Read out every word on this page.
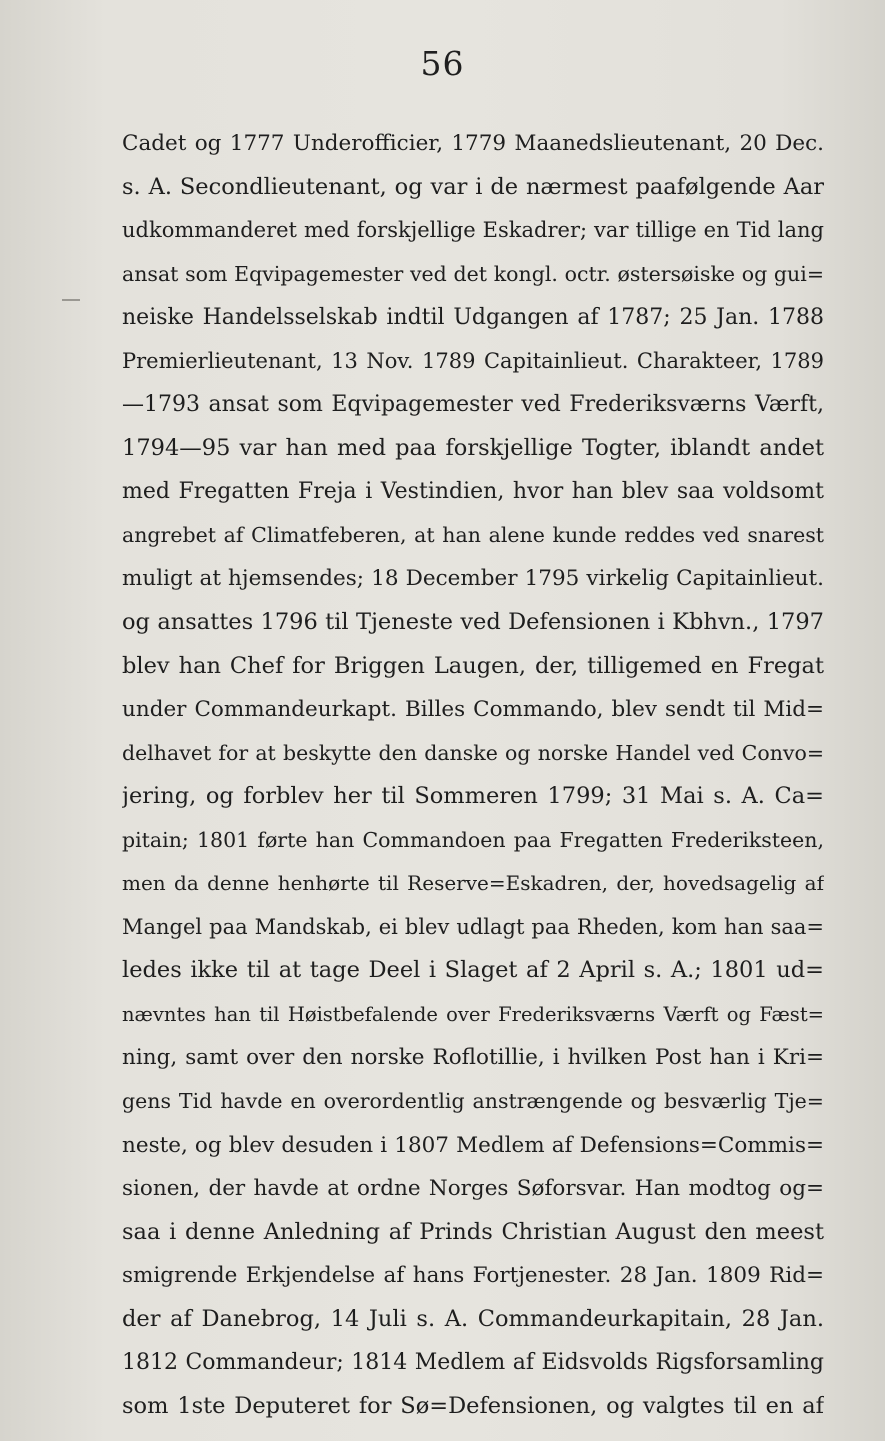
56
Cadet og 1777 Underofficier, 1779 Maanedslieutenant, 20 Dec.
s. A. Secondlieutenant, og var i de nærmest paafølgende Aar
udkommanderet med forskjellige Eskadrer; var tillige en Tid lang
ansat som Eqvipagemester ved det kongl. octr. østersøiske og gui=
neiske Handelsselskab indtil Udgangen af 1787; 25 Jan. 1788
Premierlieutenant, 13 Nov. 1789 Capitainlieut. Charakteer, 1789
—1793 ansat som Eqvipagemester ved Frederiksværns Værft,
1794—95 var han med paa forskjellige Togter, iblandt andet
med Fregatten Freja i Vestindien, hvor han blev saa voldsomt
angrebet af Climatfeberen, at han alene kunde reddes ved snarest
muligt at hjemsendes; 18 December 1795 virkelig Capitainlieut.
og ansattes 1796 til Tjeneste ved Defensionen i Kbhvn., 1797
blev han Chef for Briggen Laugen, der, tilligemed en Fregat
under Commandeurkapt. Billes Commando, blev sendt til Mid=
delhavet for at beskytte den danske og norske Handel ved Convo=
jering, og forblev her til Sommeren 1799; 31 Mai s. A. Ca=
pitain; 1801 førte han Commandoen paa Fregatten Frederiksteen,
men da denne henhørte til Reserve=Eskadren, der, hovedsagelig af
Mangel paa Mandskab, ei blev udlagt paa Rheden, kom han saa=
ledes ikke til at tage Deel i Slaget af 2 April s. A.; 1801 ud=
nævntes han til Høistbefalende over Frederiksværns Værft og Fæst=
ning, samt over den norske Roflotillie, i hvilken Post han i Kri=
gens Tid havde en overordentlig anstrængende og besværlig Tje=
neste, og blev desuden i 1807 Medlem af Defensions=Commis=
sionen, der havde at ordne Norges Søforsvar. Han modtog og=
saa i denne Anledning af Prinds Christian August den meest
smigrende Erkjendelse af hans Fortjenester. 28 Jan. 1809 Rid=
der af Danebrog, 14 Juli s. A. Commandeurkapitain, 28 Jan.
1812 Commandeur; 1814 Medlem af Eidsvolds Rigsforsamling
som 1ste Deputeret for Sø=Defensionen, og valgtes til en af
